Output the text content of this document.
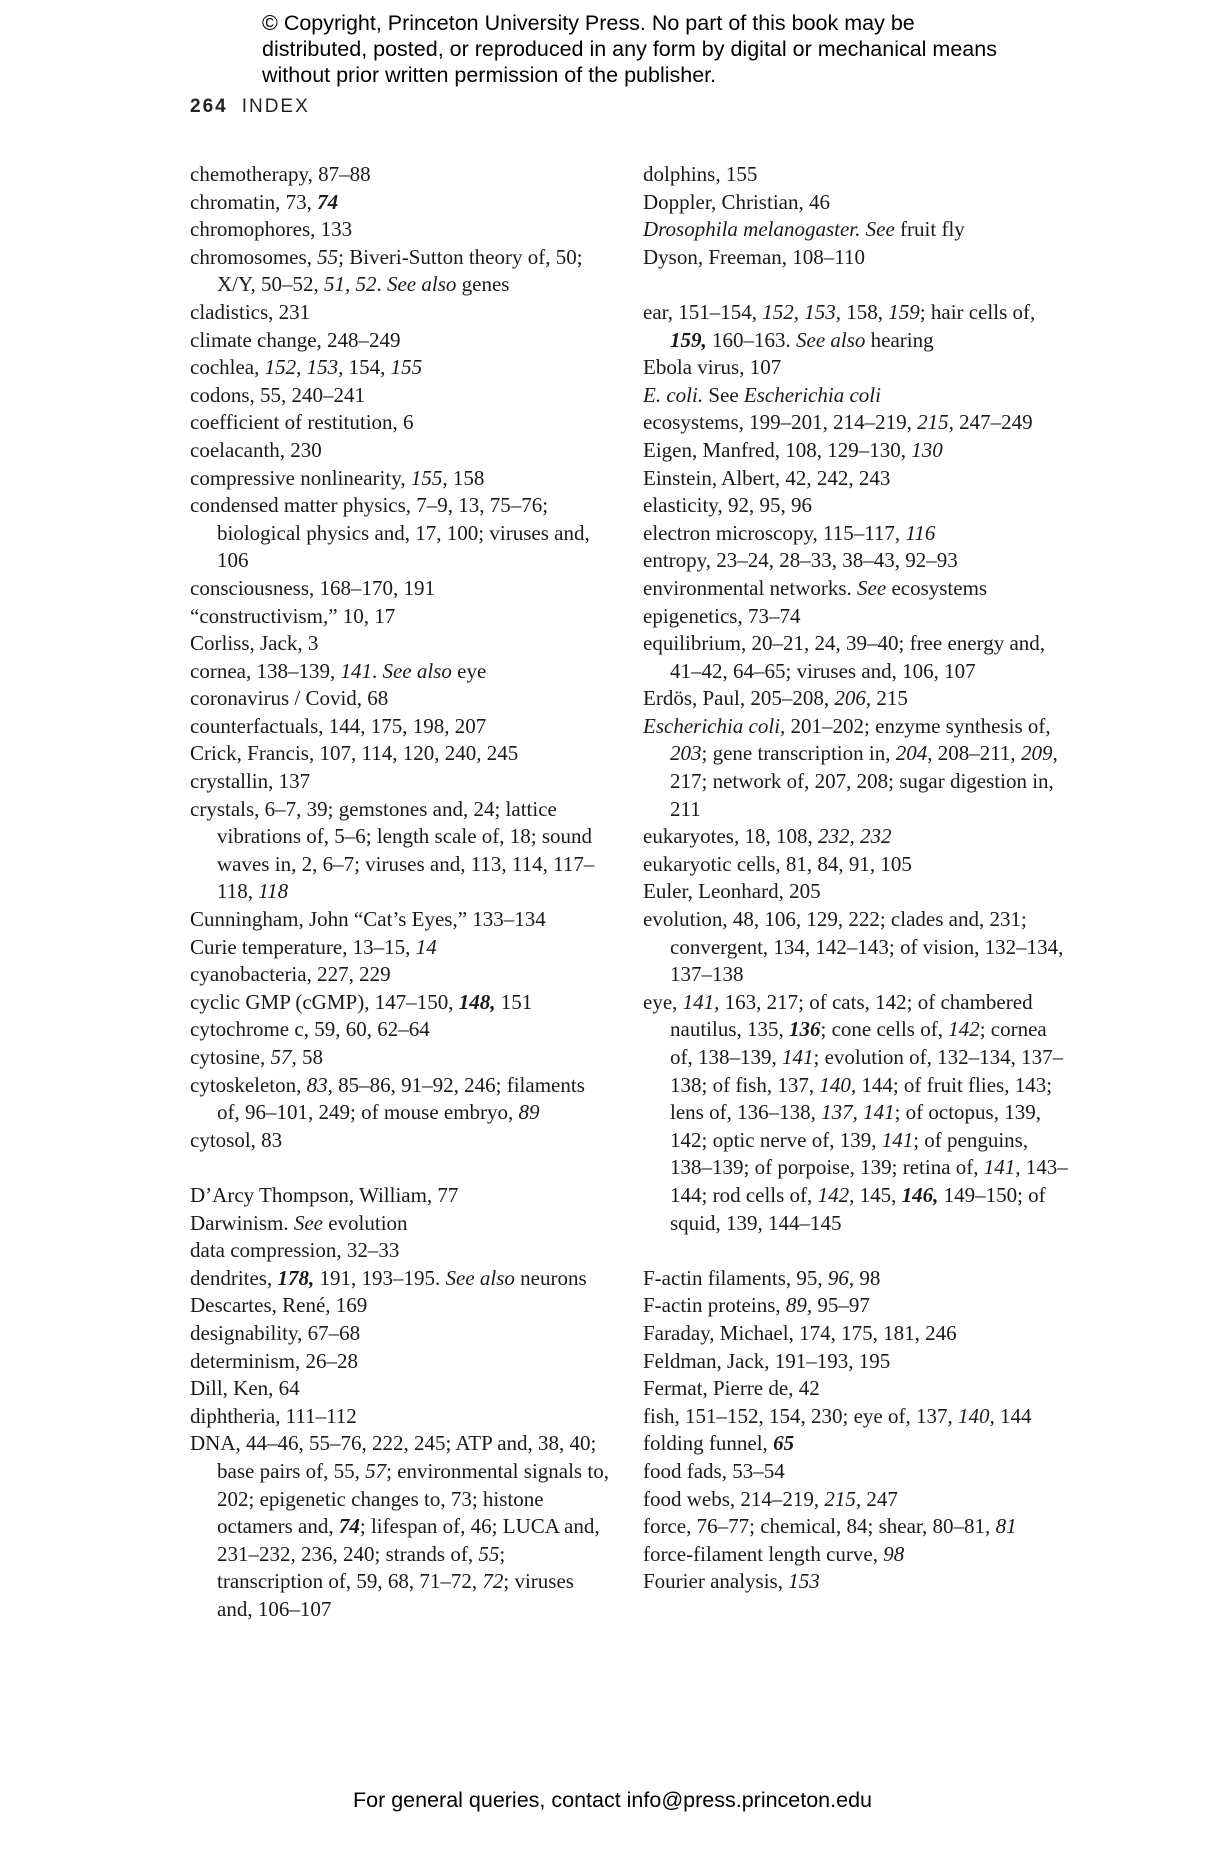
© Copyright, Princeton University Press. No part of this book may be distributed, posted, or reproduced in any form by digital or mechanical means without prior written permission of the publisher.
264 INDEX
chemotherapy, 87–88
chromatin, 73, 74
chromophores, 133
chromosomes, 55; Biveri-Sutton theory of, 50; X/Y, 50–52, 51, 52. See also genes
cladistics, 231
climate change, 248–249
cochlea, 152, 153, 154, 155
codons, 55, 240–241
coefficient of restitution, 6
coelacanth, 230
compressive nonlinearity, 155, 158
condensed matter physics, 7–9, 13, 75–76; biological physics and, 17, 100; viruses and, 106
consciousness, 168–170, 191
“constructivism,” 10, 17
Corliss, Jack, 3
cornea, 138–139, 141. See also eye
coronavirus / Covid, 68
counterfactuals, 144, 175, 198, 207
Crick, Francis, 107, 114, 120, 240, 245
crystallin, 137
crystals, 6–7, 39; gemstones and, 24; lattice vibrations of, 5–6; length scale of, 18; sound waves in, 2, 6–7; viruses and, 113, 114, 117–118, 118
Cunningham, John “Cat’s Eyes,” 133–134
Curie temperature, 13–15, 14
cyanobacteria, 227, 229
cyclic GMP (cGMP), 147–150, 148, 151
cytochrome c, 59, 60, 62–64
cytosine, 57, 58
cytoskeleton, 83, 85–86, 91–92, 246; filaments of, 96–101, 249; of mouse embryo, 89
cytosol, 83
D’Arcy Thompson, William, 77
Darwinism. See evolution
data compression, 32–33
dendrites, 178, 191, 193–195. See also neurons
Descartes, René, 169
designability, 67–68
determinism, 26–28
Dill, Ken, 64
diphtheria, 111–112
DNA, 44–46, 55–76, 222, 245; ATP and, 38, 40; base pairs of, 55, 57; environmental signals to, 202; epigenetic changes to, 73; histone octamers and, 74; lifespan of, 46; LUCA and, 231–232, 236, 240; strands of, 55; transcription of, 59, 68, 71–72, 72; viruses and, 106–107
dolphins, 155
Doppler, Christian, 46
Drosophila melanogaster. See fruit fly
Dyson, Freeman, 108–110
ear, 151–154, 152, 153, 158, 159; hair cells of, 159, 160–163. See also hearing
Ebola virus, 107
E. coli. See Escherichia coli
ecosystems, 199–201, 214–219, 215, 247–249
Eigen, Manfred, 108, 129–130, 130
Einstein, Albert, 42, 242, 243
elasticity, 92, 95, 96
electron microscopy, 115–117, 116
entropy, 23–24, 28–33, 38–43, 92–93
environmental networks. See ecosystems
epigenetics, 73–74
equilibrium, 20–21, 24, 39–40; free energy and, 41–42, 64–65; viruses and, 106, 107
Erdös, Paul, 205–208, 206, 215
Escherichia coli, 201–202; enzyme synthesis of, 203; gene transcription in, 204, 208–211, 209, 217; network of, 207, 208; sugar digestion in, 211
eukaryotes, 18, 108, 232, 232
eukaryotic cells, 81, 84, 91, 105
Euler, Leonhard, 205
evolution, 48, 106, 129, 222; clades and, 231; convergent, 134, 142–143; of vision, 132–134, 137–138
eye, 141, 163, 217; of cats, 142; of chambered nautilus, 135, 136; cone cells of, 142; cornea of, 138–139, 141; evolution of, 132–134, 137–138; of fish, 137, 140, 144; of fruit flies, 143; lens of, 136–138, 137, 141; of octopus, 139, 142; optic nerve of, 139, 141; of penguins, 138–139; of porpoise, 139; retina of, 141, 143–144; rod cells of, 142, 145, 146, 149–150; of squid, 139, 144–145
F-actin filaments, 95, 96, 98
F-actin proteins, 89, 95–97
Faraday, Michael, 174, 175, 181, 246
Feldman, Jack, 191–193, 195
Fermat, Pierre de, 42
fish, 151–152, 154, 230; eye of, 137, 140, 144
folding funnel, 65
food fads, 53–54
food webs, 214–219, 215, 247
force, 76–77; chemical, 84; shear, 80–81, 81
force-filament length curve, 98
Fourier analysis, 153
For general queries, contact info@press.princeton.edu
